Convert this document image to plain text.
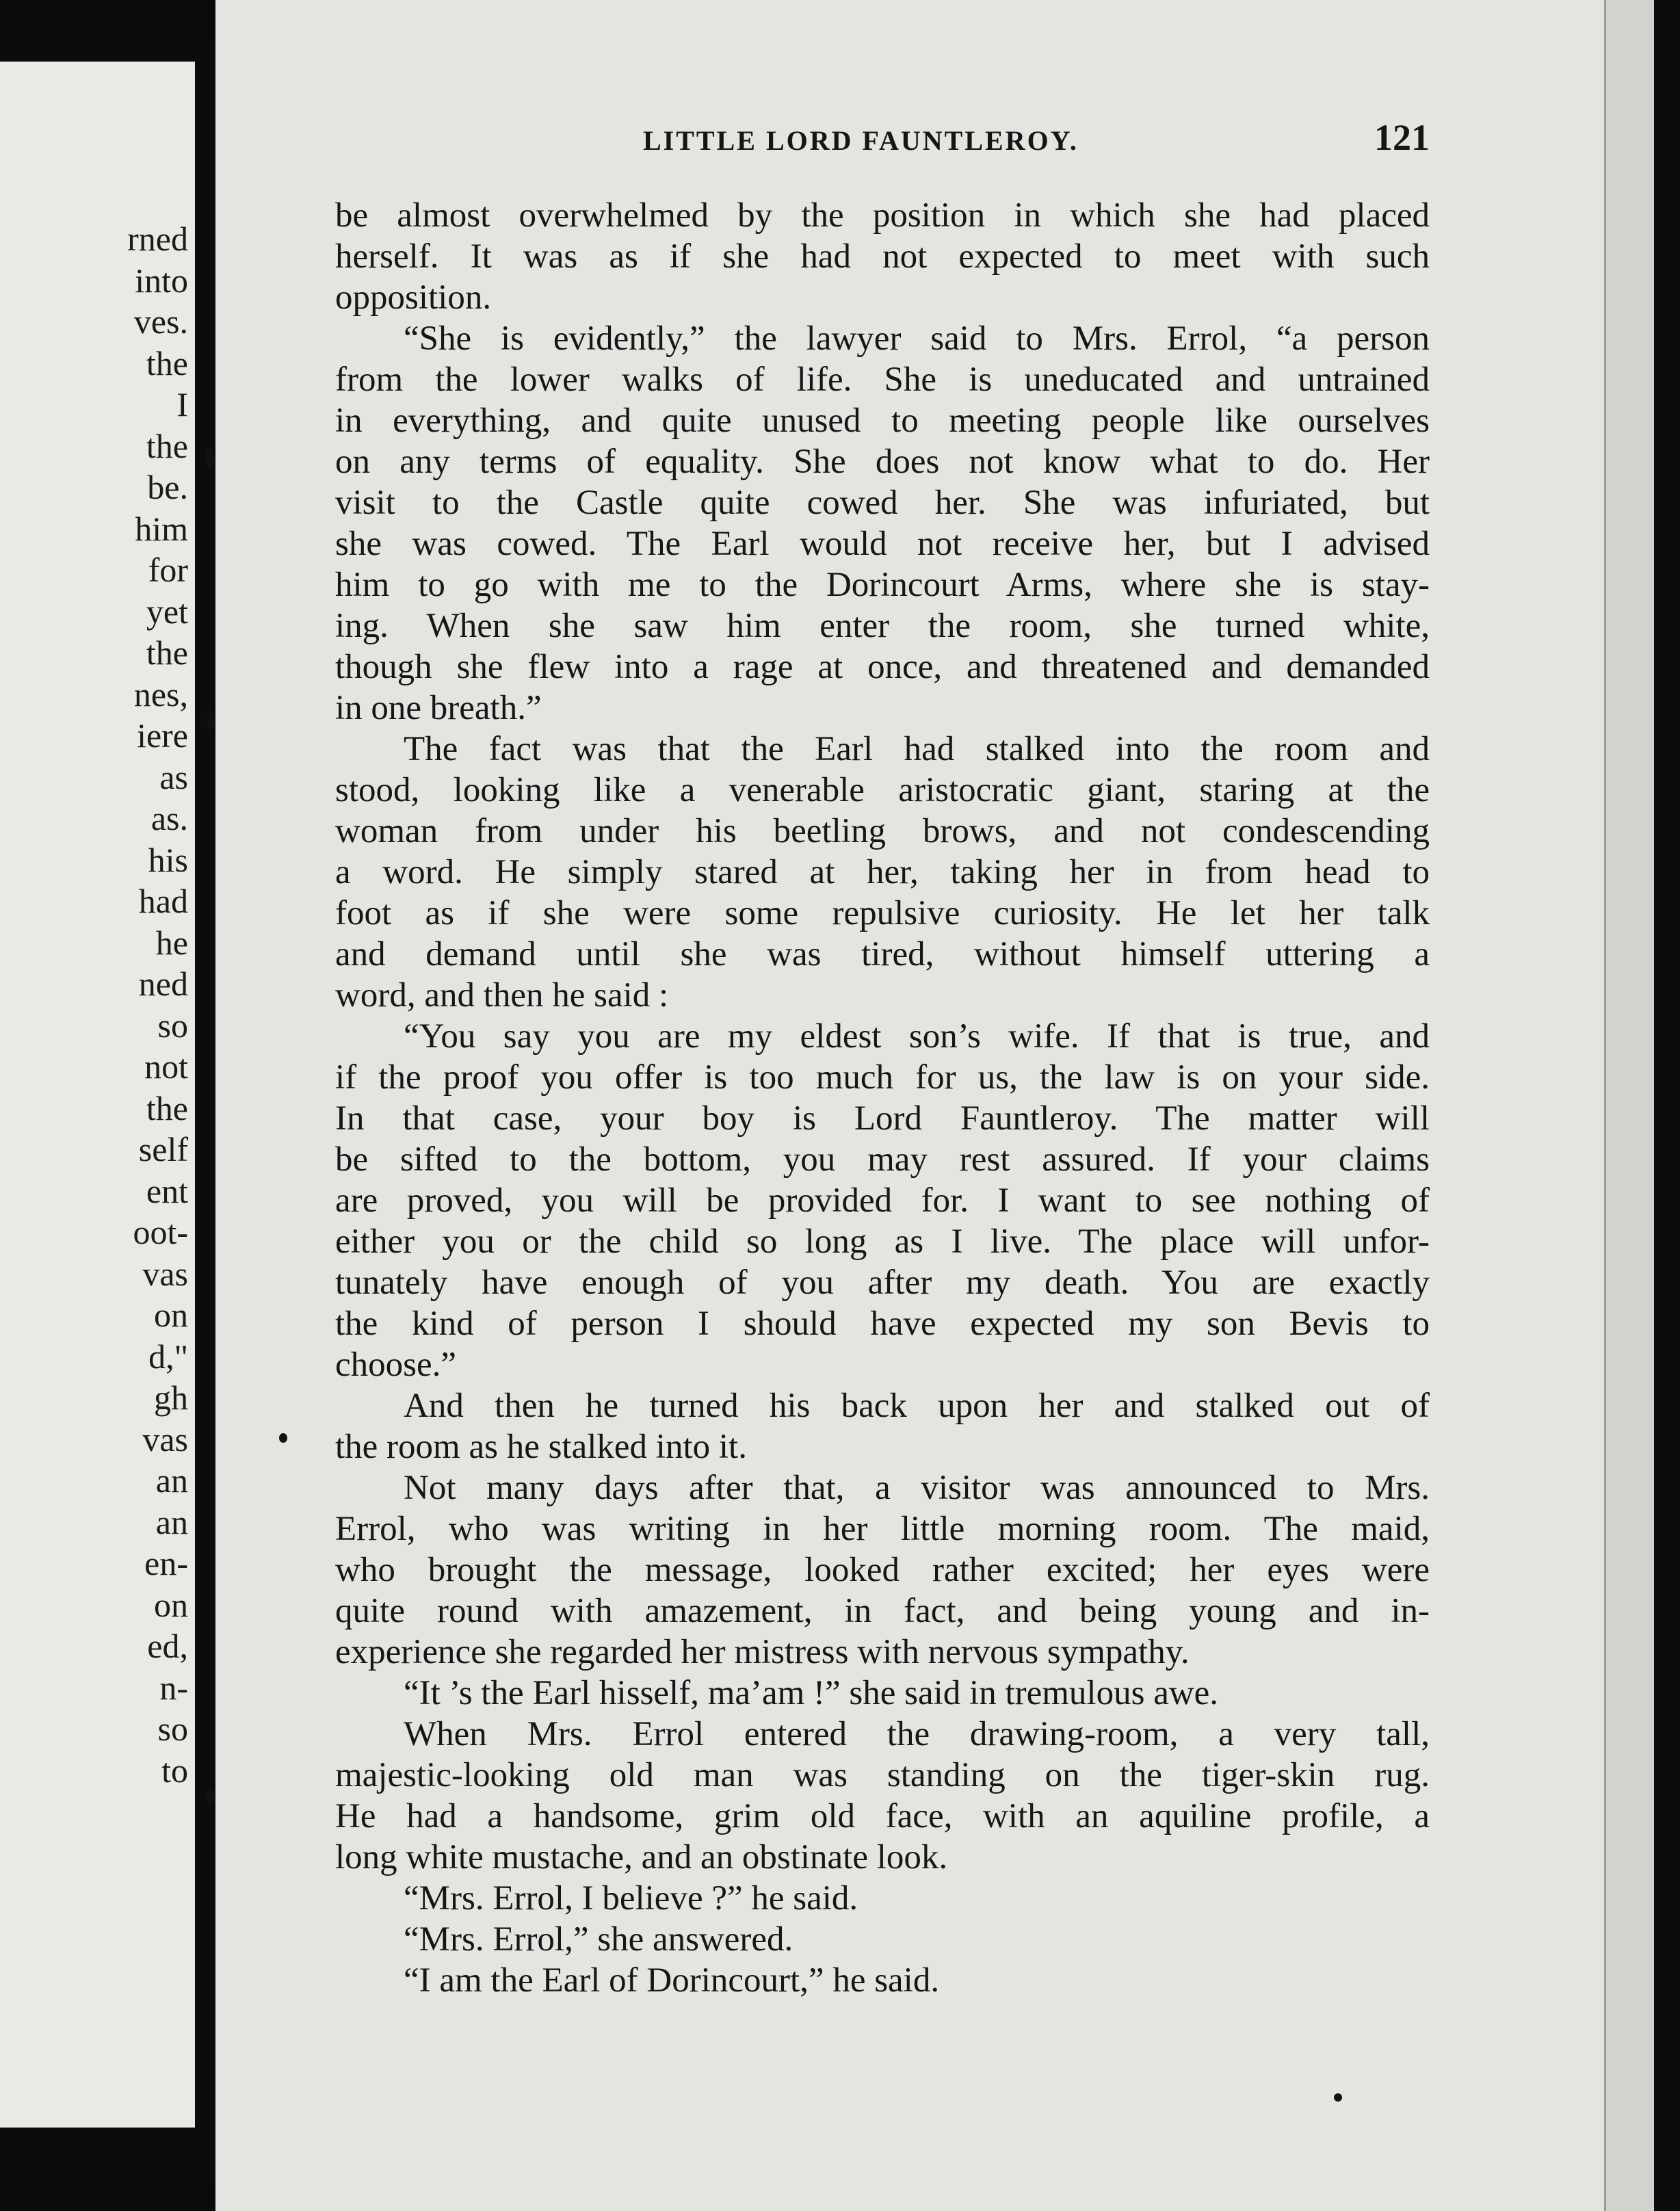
rned
into
ves.
the
I
the
be.
him
for
yet
the
nes,
iere
as
as.
his
had
he
ned
so
not
the
self
ent
oot-
vas
on
d,"
gh
vas
an
an
en-
on
ed,
n-
so
to
LITTLE LORD FAUNTLEROY.	121
be almost overwhelmed by the position in which she had placed
herself. It was as if she had not expected to meet with such
opposition.
“She is evidently,” the lawyer said to Mrs. Errol, “a person
from the lower walks of life. She is uneducated and untrained
in everything, and quite unused to meeting people like ourselves
on any terms of equality. She does not know what to do. Her
visit to the Castle quite cowed her. She was infuriated, but
she was cowed. The Earl would not receive her, but I advised
him to go with me to the Dorincourt Arms, where she is stay-
ing. When she saw him enter the room, she turned white,
though she flew into a rage at once, and threatened and demanded
in one breath.”
The fact was that the Earl had stalked into the room and
stood, looking like a venerable aristocratic giant, staring at the
woman from under his beetling brows, and not condescending
a word. He simply stared at her, taking her in from head to
foot as if she were some repulsive curiosity. He let her talk
and demand until she was tired, without himself uttering a
word, and then he said :
“You say you are my eldest son’s wife. If that is true, and
if the proof you offer is too much for us, the law is on your side.
In that case, your boy is Lord Fauntleroy. The matter will
be sifted to the bottom, you may rest assured. If your claims
are proved, you will be provided for. I want to see nothing of
either you or the child so long as I live. The place will unfor-
tunately have enough of you after my death. You are exactly
the kind of person I should have expected my son Bevis to
choose.”
And then he turned his back upon her and stalked out of
the room as he stalked into it.
Not many days after that, a visitor was announced to Mrs.
Errol, who was writing in her little morning room. The maid,
who brought the message, looked rather excited; her eyes were
quite round with amazement, in fact, and being young and in-
experience she regarded her mistress with nervous sympathy.
“It ’s the Earl hisself, ma’am !” she said in tremulous awe.
When Mrs. Errol entered the drawing-room, a very tall,
majestic-looking old man was standing on the tiger-skin rug.
He had a handsome, grim old face, with an aquiline profile, a
long white mustache, and an obstinate look.
“Mrs. Errol, I believe ?” he said.
“Mrs. Errol,” she answered.
“I am the Earl of Dorincourt,” he said.
